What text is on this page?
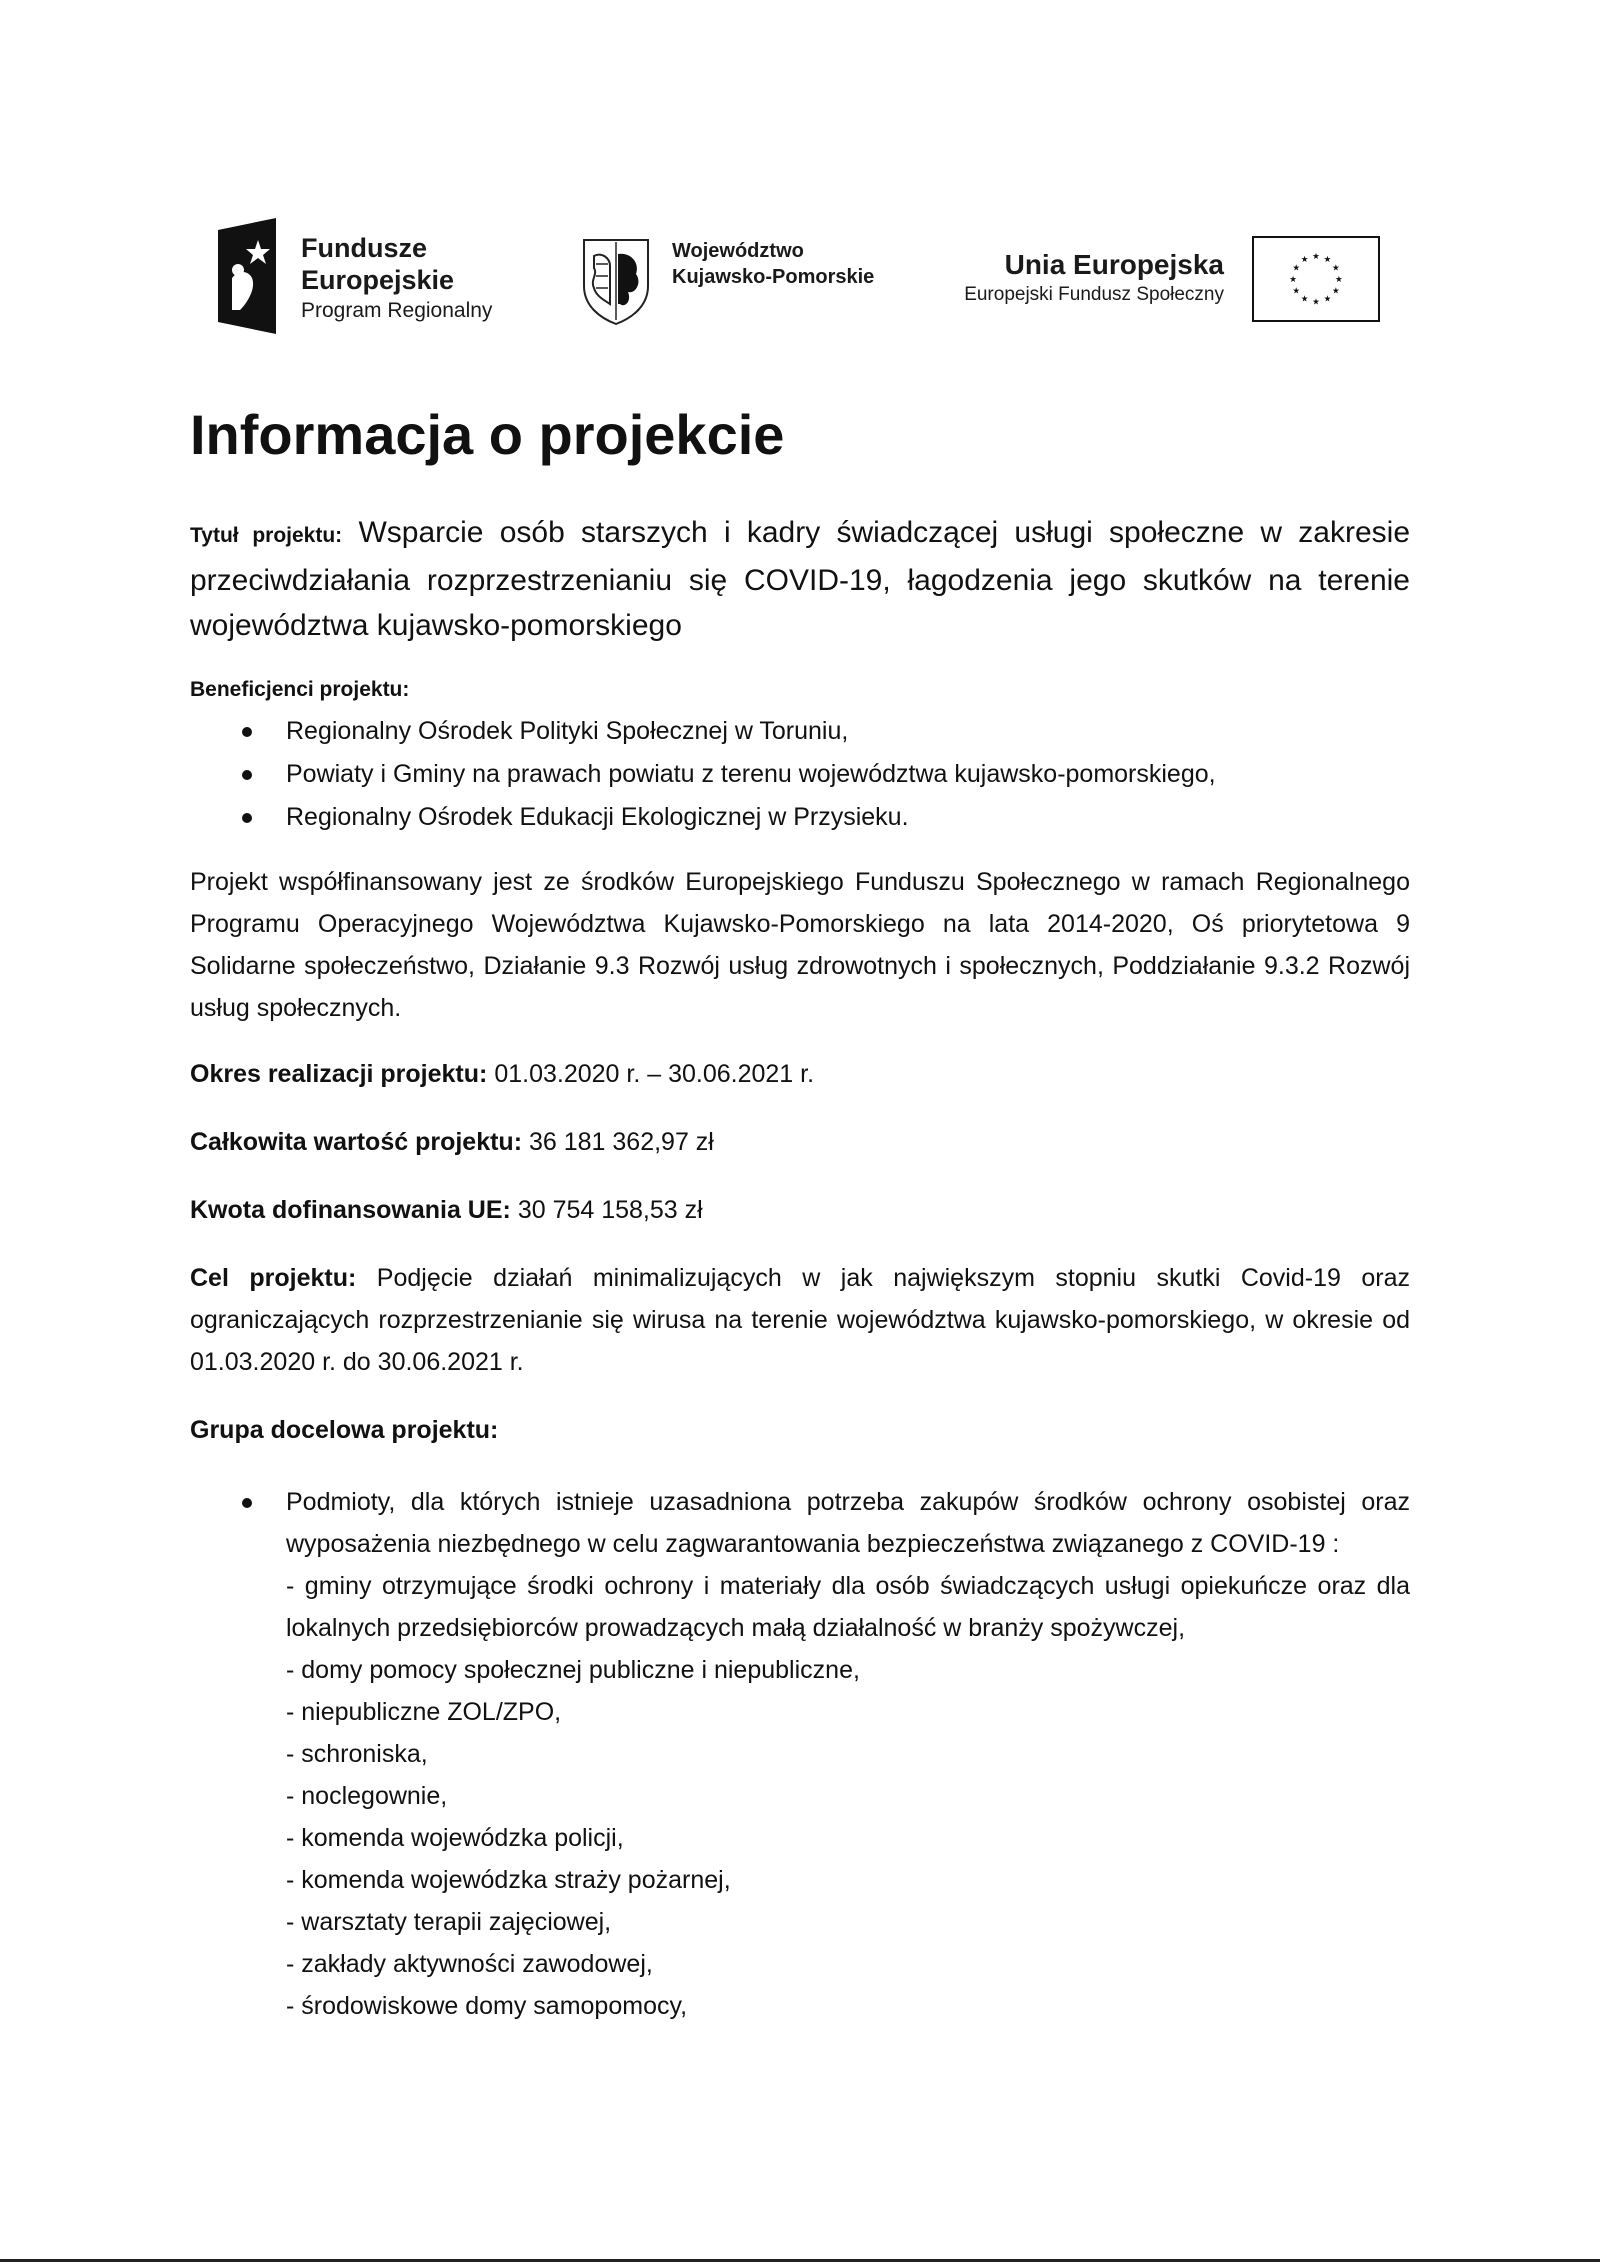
Fundusze
Europejskie
Program Regionalny
Województwo
Kujawsko-Pomorskie	Unia Europejska
Europejski Fundusz Społeczny
★ ★
★
★
★
★
★
★
★
★
★
★
Informacja o projekcie

Tytuł projektu: Wsparcie osób starszych i kadry świadczącej usługi społeczne w zakresie przeciwdziałania rozprzestrzenianiu się COVID-19, łagodzenia jego skutków na terenie województwa kujawsko-pomorskiego

Beneficjenci projektu:
Regionalny Ośrodek Polityki Społecznej w Toruniu,
Powiaty i Gminy na prawach powiatu z terenu województwa kujawsko-pomorskiego,
Regionalny Ośrodek Edukacji Ekologicznej w Przysieku.

Projekt współfinansowany jest ze środków Europejskiego Funduszu Społecznego w ramach Regionalnego Programu Operacyjnego Województwa Kujawsko-Pomorskiego na lata 2014-2020, Oś priorytetowa 9 Solidarne społeczeństwo, Działanie 9.3 Rozwój usług zdrowotnych i społecznych, Poddziałanie 9.3.2 Rozwój usług społecznych.

Okres realizacji projektu: 01.03.2020 r. – 30.06.2021 r.

Całkowita wartość projektu: 36 181 362,97 zł

Kwota dofinansowania UE: 30 754 158,53 zł

Cel projektu: Podjęcie działań minimalizujących w jak największym stopniu skutki Covid-19 oraz ograniczających rozprzestrzenianie się wirusa na terenie województwa kujawsko-pomorskiego, w okresie od 01.03.2020 r. do 30.06.2021 r.

Grupa docelowa projektu:

Podmioty, dla których istnieje uzasadniona potrzeba zakupów środków ochrony osobistej oraz wyposażenia niezbędnego w celu zagwarantowania bezpieczeństwa związanego z COVID-19 :
- gminy otrzymujące środki ochrony i materiały dla osób świadczących usługi opiekuńcze oraz dla lokalnych przedsiębiorców prowadzących małą działalność w branży spożywczej,
- domy pomocy społecznej publiczne i niepubliczne,
- niepubliczne ZOL/ZPO,
- schroniska,
- noclegownie,
- komenda wojewódzka policji,
- komenda wojewódzka straży pożarnej,
- warsztaty terapii zajęciowej,
- zakłady aktywności zawodowej,
- środowiskowe domy samopomocy,
